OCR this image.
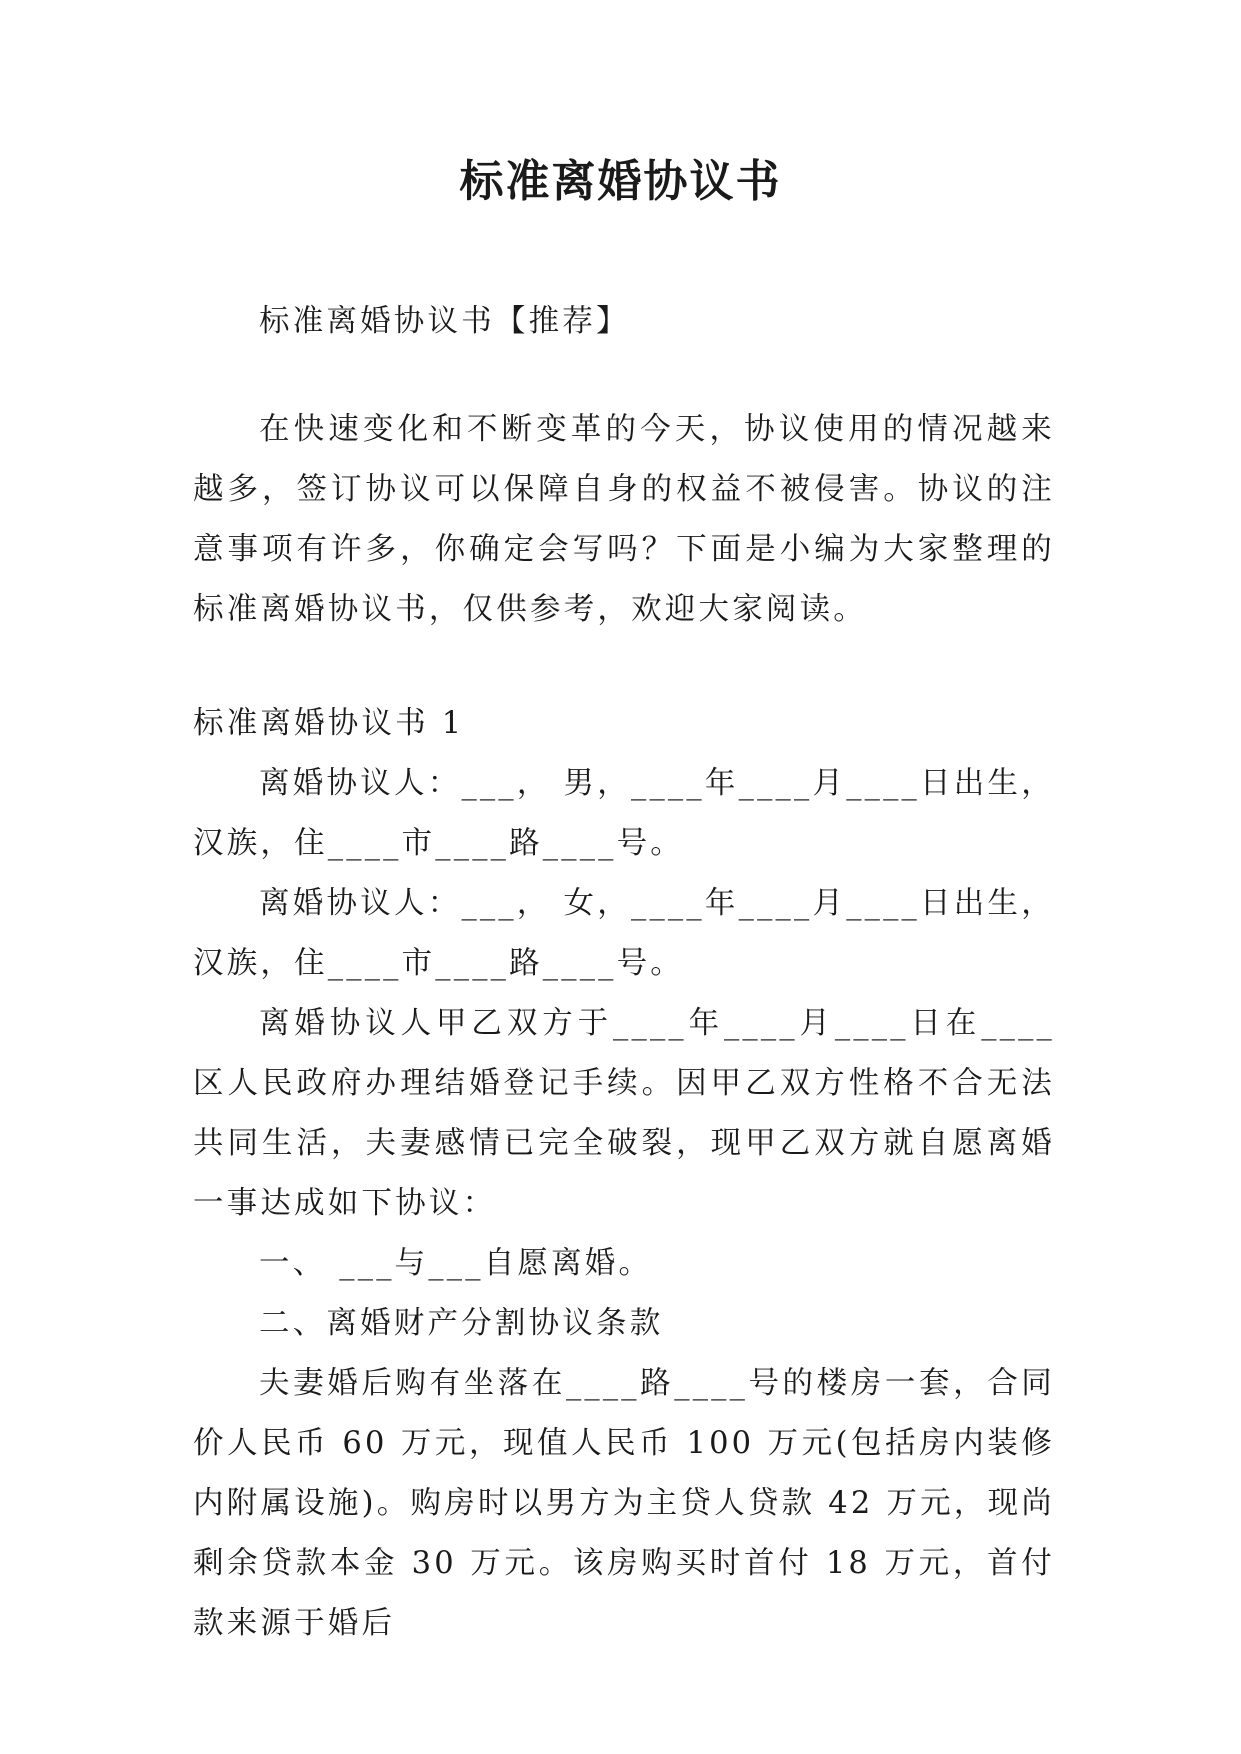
标准离婚协议书

标准离婚协议书【推荐】

在快速变化和不断变革的今天，协议使用的情况越来越多，签订协议可以保障自身的权益不被侵害。协议的注意事项有许多，你确定会写吗？下面是小编为大家整理的标准离婚协议书，仅供参考，欢迎大家阅读。

标准离婚协议书 1

离婚协议人：___， 男，____年____月____日出生，汉族，住____市____路____号。

离婚协议人：___， 女，____年____月____日出生，汉族，住____市____路____号。

离婚协议人甲乙双方于____年____月____日在____区人民政府办理结婚登记手续。因甲乙双方性格不合无法共同生活，夫妻感情已完全破裂，现甲乙双方就自愿离婚一事达成如下协议：

一、 ___与___自愿离婚。

二、离婚财产分割协议条款

夫妻婚后购有坐落在____路____号的楼房一套，合同价人民币 60 万元，现值人民币 100 万元(包括房内装修内附属设施)。购房时以男方为主贷人贷款 42 万元，现尚剩余贷款本金 30 万元。该房购买时首付 18 万元，首付款来源于婚后
